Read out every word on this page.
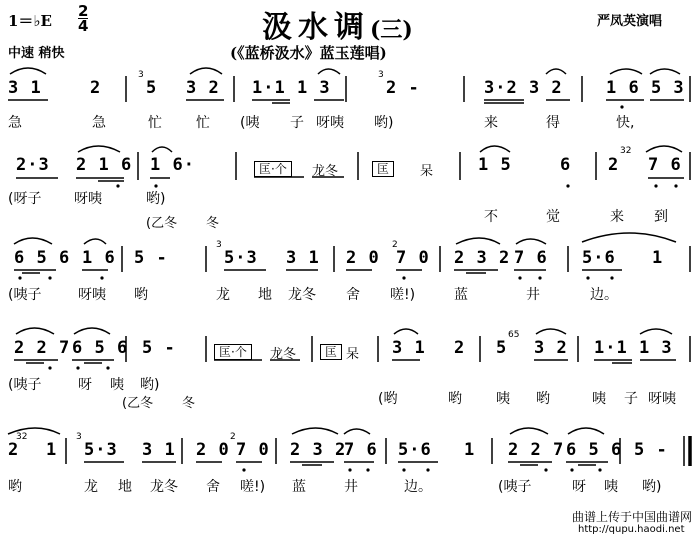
1＝♭E $\frac{2}{4}$	汲水调(三)
(《蓝桥汲水》蓝玉莲唱)
严凤英演唱
中速 稍快
3 1	2
3
5 3 2 1·1 1 3
3
2 -	3·2 3 2	1 6 5 3
急	急	忙 忙 (咦 子 呀咦 哟)	来	得	快,
2·3 2 1 6 1 6·	匡·个	龙冬	匡	呆	1 5	6 2
32
7 6
(呀子 呀咦	哟)
不	觉	来 到
(乙冬 冬
6 5 6 1 6 5 -
3
5·3 3 1 2 0
2
7 0 2 3 2 7 6 5·6 1
(咦子	呀咦 哟	龙 地 龙冬 舍 嗟!)	蓝	井	边。
2 2 7 6 5 6 5 -	匡·个	龙冬	匡 呆 3 1 2 5
65
3 2 1·1 1 3
(咦子	呀 咦 哟)
(哟	哟 咦 哟	咦 子 呀咦
(乙冬 冬
2
32
1
3
5·3 3 1 2 0
2
7 0 2 3 2
7 6 5·6 1 2 2 7 6 5 6 5 -
哟	龙 地 龙冬 舍 嗟!) 蓝	井	边。	(咦子	呀 咦 哟)
曲谱上传于中国曲谱网
http://qupu.haodi.net
